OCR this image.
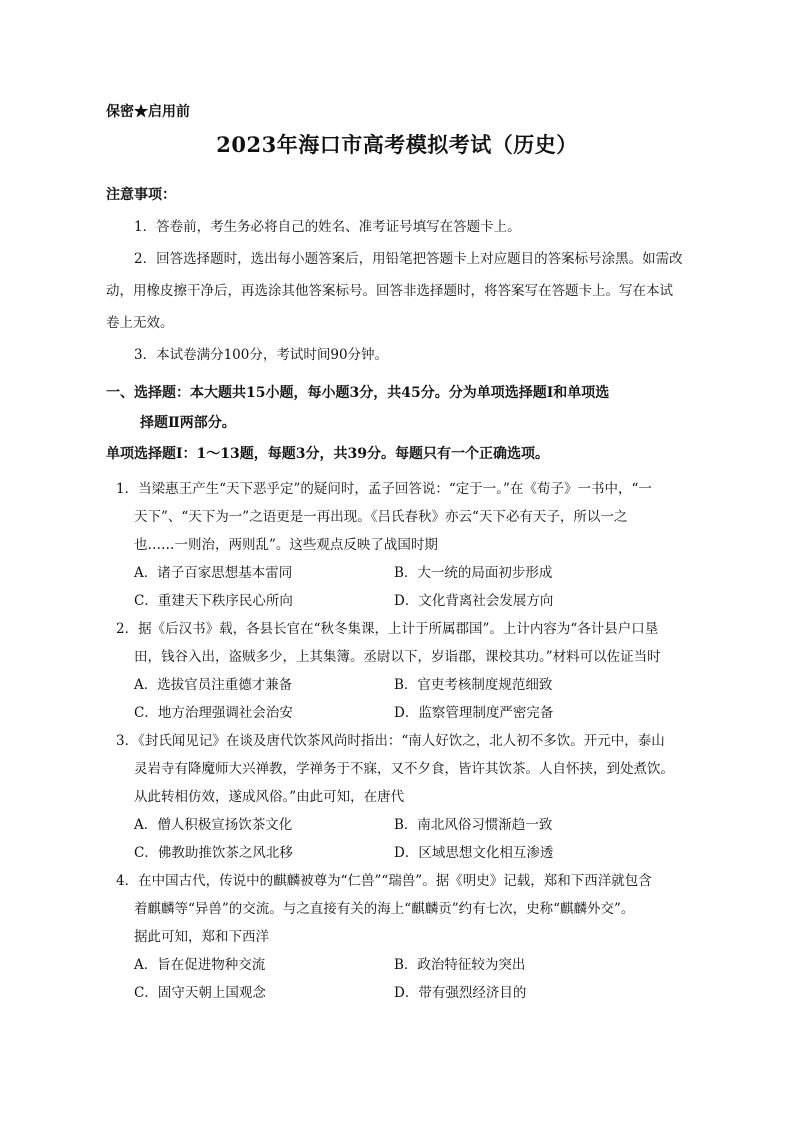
保密★启用前
2023年海口市高考模拟考试（历史）
注意事项：
1．答卷前，考生务必将自己的姓名、准考证号填写在答题卡上。
2．回答选择题时，选出每小题答案后，用铅笔把答题卡上对应题目的答案标号涂黑。如需改
动，用橡皮擦干净后，再选涂其他答案标号。回答非选择题时，将答案写在答题卡上。写在本试
卷上无效。
3．本试卷满分100分，考试时间90分钟。
一、选择题：本大题共15小题，每小题3分，共45分。分为单项选择题Ⅰ和单项选
择题Ⅱ两部分。
单项选择题Ⅰ：1～13题，每题3分，共39分。每题只有一个正确选项。
1．当梁惠王产生“天下恶乎定”的疑问时，孟子回答说：“定于一。”在《荀子》一书中，“一
天下”、“天下为一”之语更是一再出现。《吕氏春秋》亦云“天下必有天子，所以一之
也……一则治，两则乱”。这些观点反映了战国时期
A．诸子百家思想基本雷同	B．大一统的局面初步形成
C．重建天下秩序民心所向	D．文化背离社会发展方向
2．据《后汉书》载，各县长官在“秋冬集课，上计于所属郡国”。上计内容为“各计县户口垦
田，钱谷入出，盗贼多少，上其集簿。丞尉以下，岁诣郡，课校其功。”材料可以佐证当时
A．选拔官员注重德才兼备	B．官吏考核制度规范细致
C．地方治理强调社会治安	D．监察管理制度严密完备
3．《封氏闻见记》在谈及唐代饮茶风尚时指出：“南人好饮之，北人初不多饮。开元中，泰山
灵岩寺有降魔师大兴禅教，学禅务于不寐，又不夕食，皆许其饮茶。人自怀挟，到处煮饮。
从此转相仿效，遂成风俗。”由此可知，在唐代
A．僧人积极宣扬饮茶文化	B．南北风俗习惯渐趋一致
C．佛教助推饮茶之风北移	D．区域思想文化相互渗透
4．在中国古代，传说中的麒麟被尊为“仁兽”“瑞兽”。据《明史》记载，郑和下西洋就包含
着麒麟等“异兽”的交流。与之直接有关的海上“麒麟贡”约有七次，史称“麒麟外交”。
据此可知，郑和下西洋
A．旨在促进物种交流	B．政治特征较为突出
C．固守天朝上国观念	D．带有强烈经济目的
